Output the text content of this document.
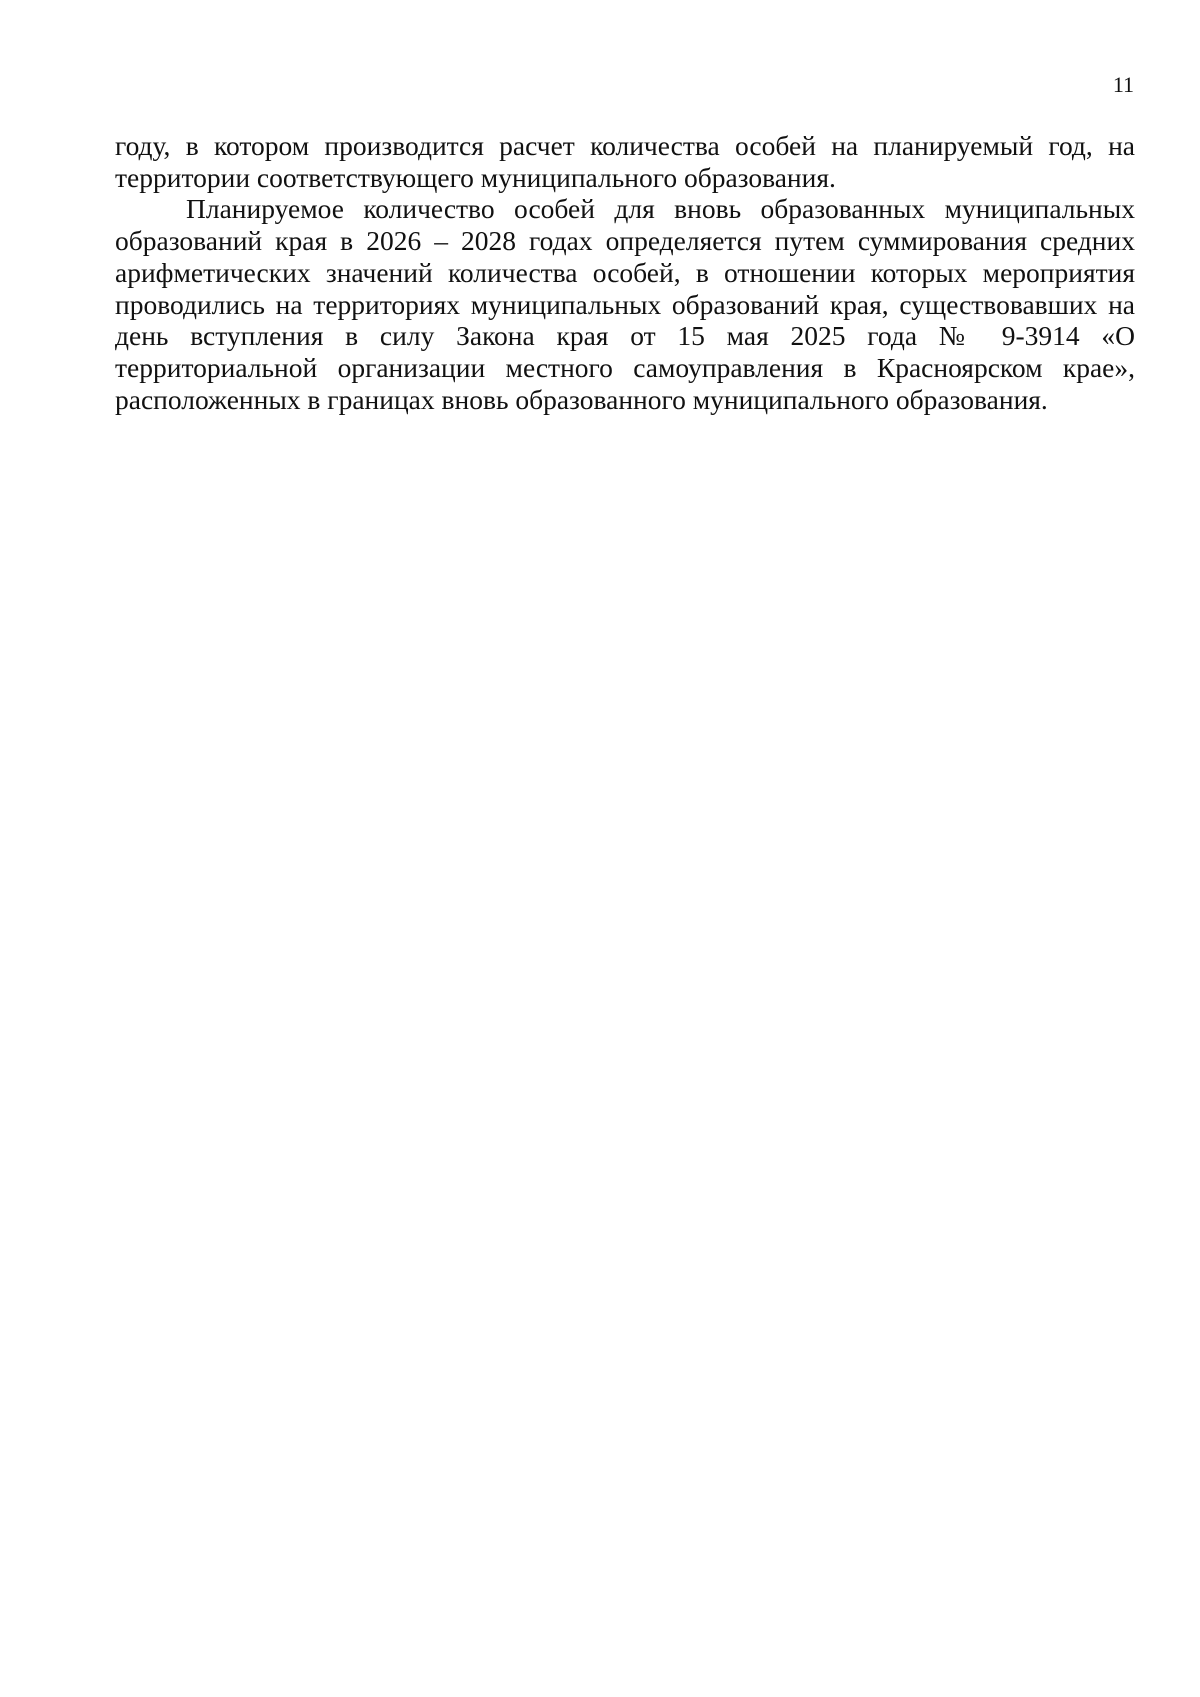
11

году, в котором производится расчет количества особей на планируемый год, на территории соответствующего муниципального образования.

Планируемое количество особей для вновь образованных муниципальных образований края в 2026 – 2028 годах определяется путем суммирования средних арифметических значений количества особей, в отношении которых мероприятия проводились на территориях муниципальных образований края, существовавших на день вступления в силу Закона края от 15 мая 2025 года № 9-3914 «О территориальной организации местного самоуправления в Красноярском крае», расположенных в границах вновь образованного муниципального образования.
